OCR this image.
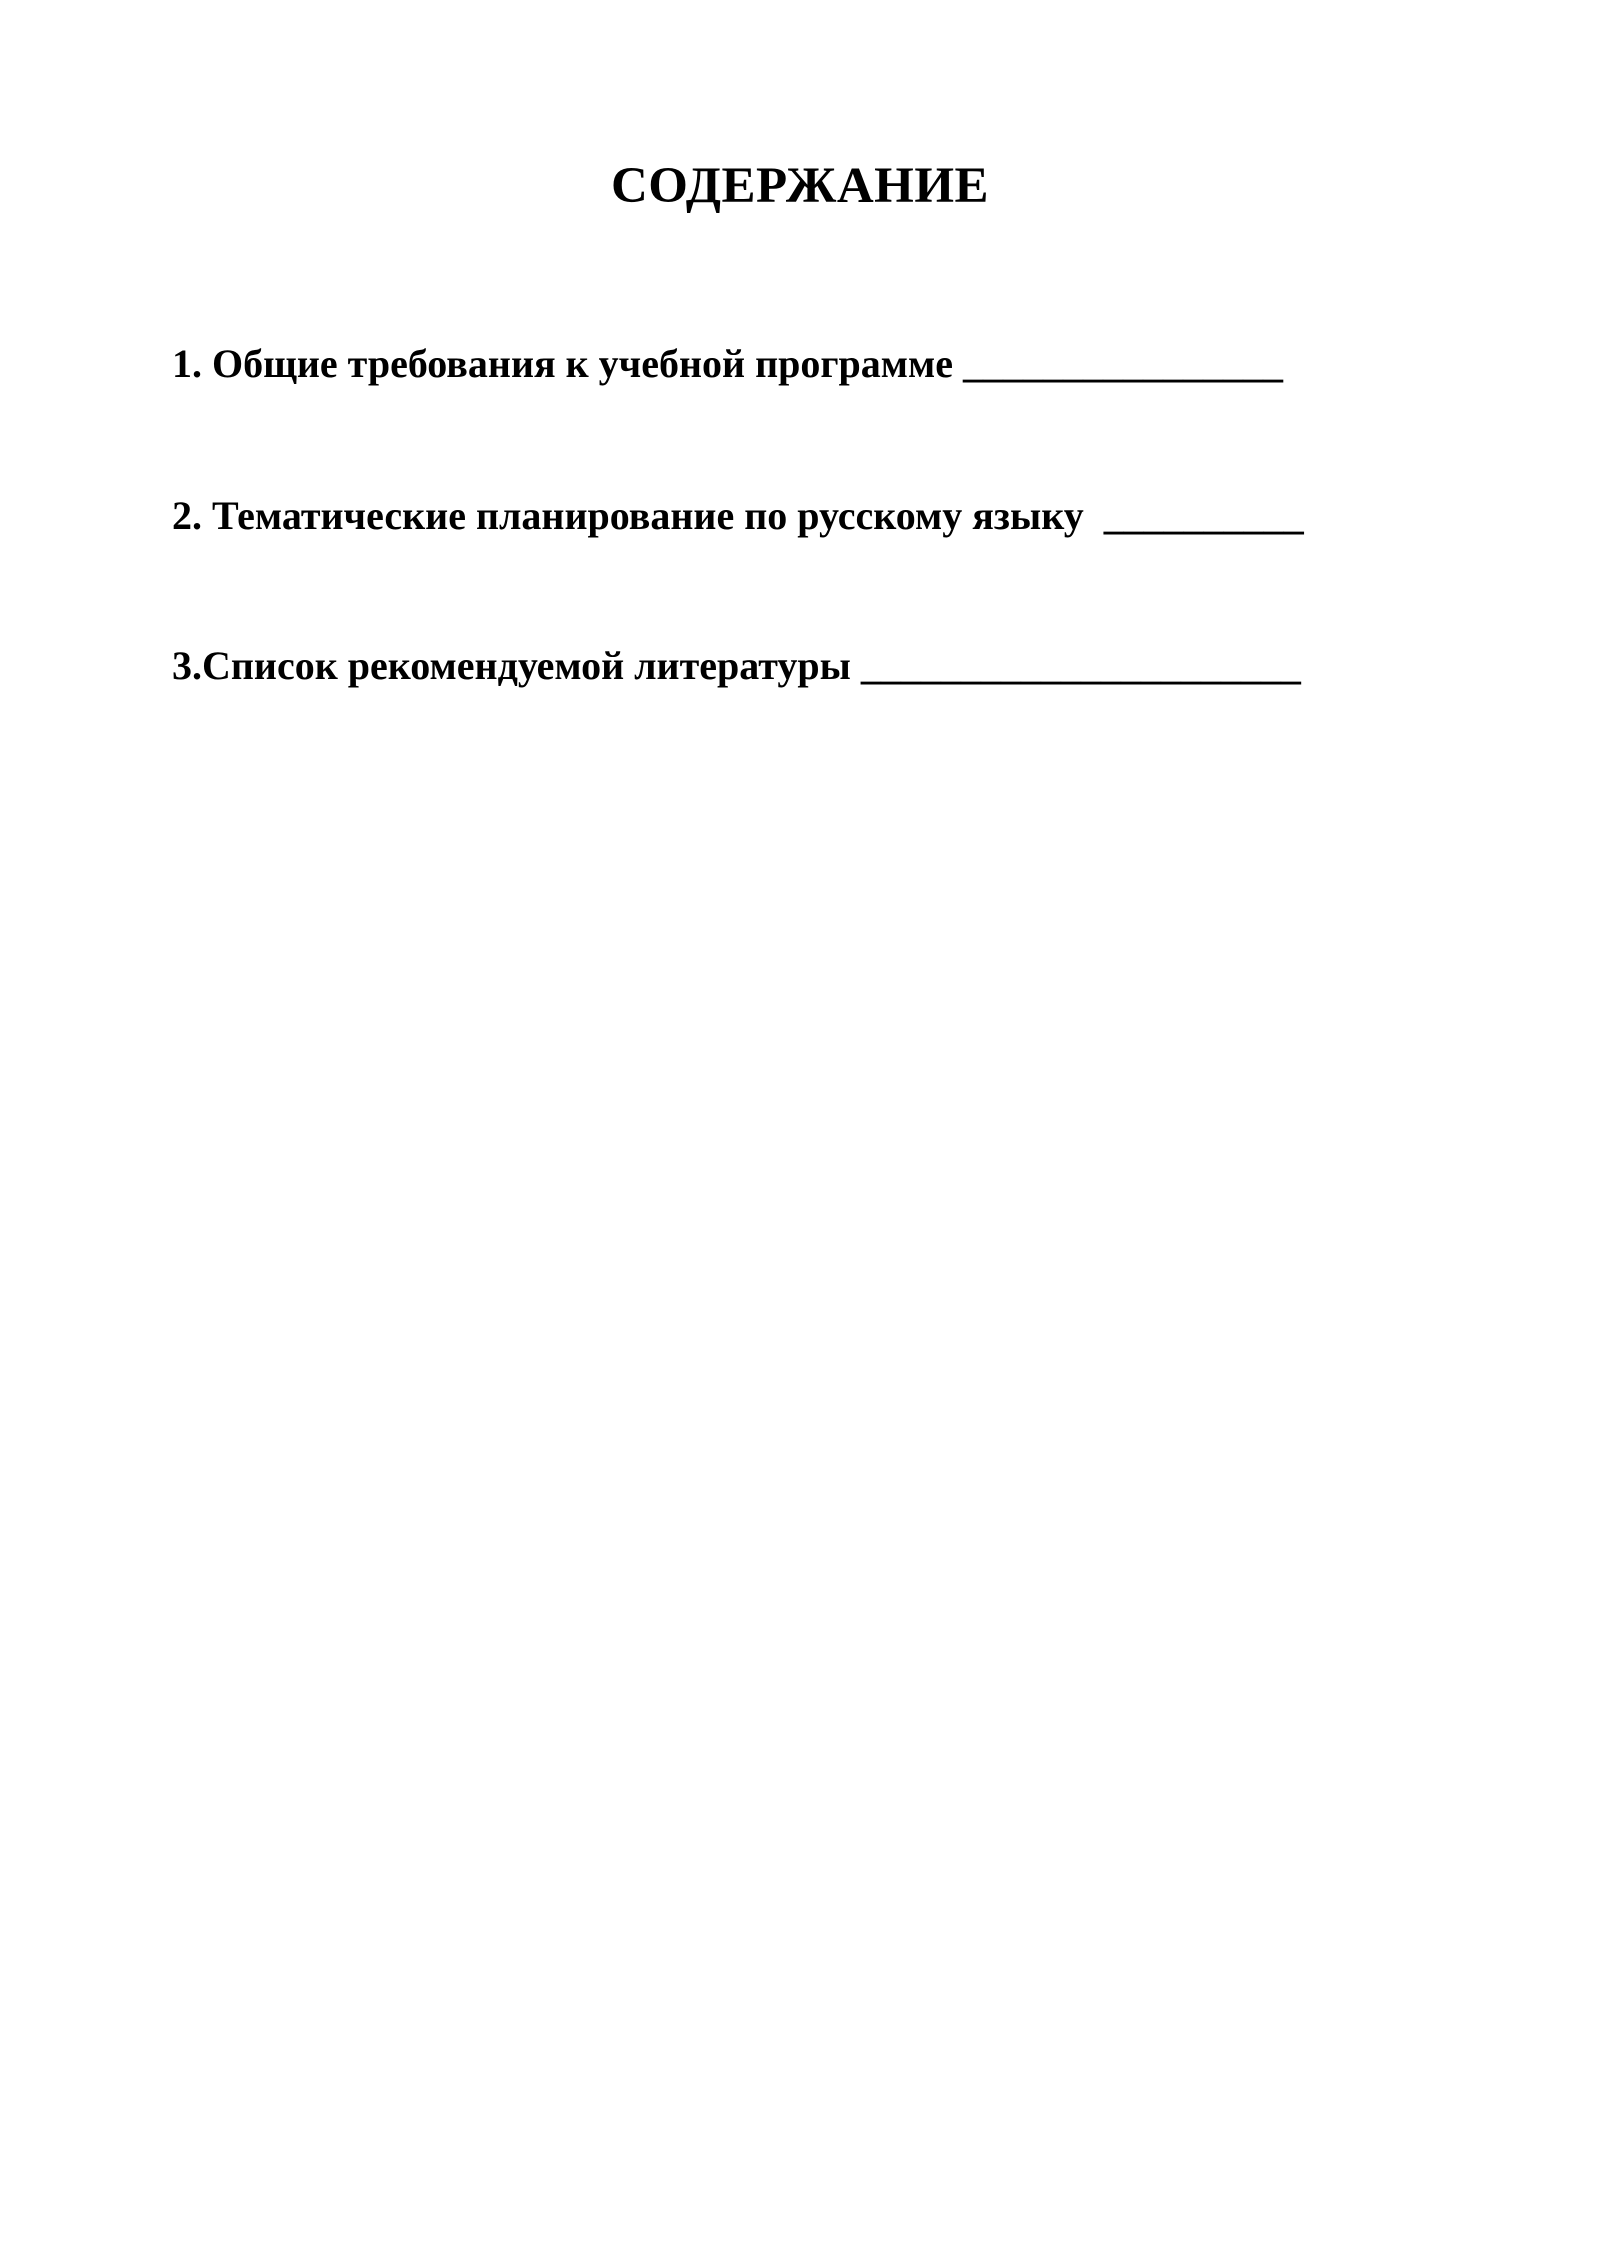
СОДЕРЖАНИЕ

1. Общие требования к учебной программе ________________

2. Тематические планирование по русскому языку  __________

3.Список рекомендуемой литературы ______________________
